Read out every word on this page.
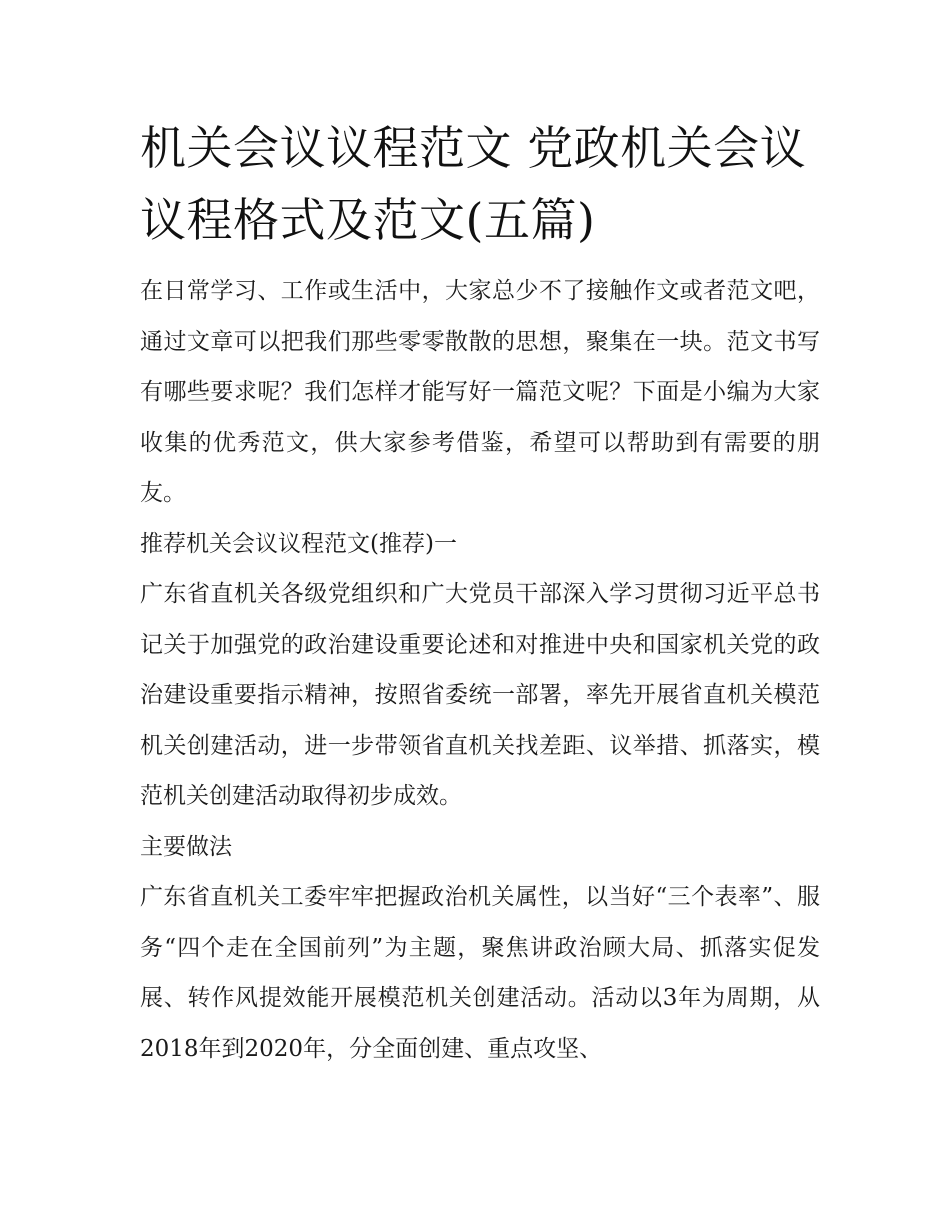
机关会议议程范文 党政机关会议议程格式及范文(五篇)

在日常学习、工作或生活中，大家总少不了接触作文或者范文吧，通过文章可以把我们那些零零散散的思想，聚集在一块。范文书写有哪些要求呢？我们怎样才能写好一篇范文呢？下面是小编为大家收集的优秀范文，供大家参考借鉴，希望可以帮助到有需要的朋友。

推荐机关会议议程范文(推荐)一

广东省直机关各级党组织和广大党员干部深入学习贯彻习近平总书记关于加强党的政治建设重要论述和对推进中央和国家机关党的政治建设重要指示精神，按照省委统一部署，率先开展省直机关模范机关创建活动，进一步带领省直机关找差距、议举措、抓落实，模范机关创建活动取得初步成效。

主要做法

广东省直机关工委牢牢把握政治机关属性，以当好“三个表率”、服务“四个走在全国前列”为主题，聚焦讲政治顾大局、抓落实促发展、转作风提效能开展模范机关创建活动。活动以3年为周期，从2018年到2020年，分全面创建、重点攻坚、
